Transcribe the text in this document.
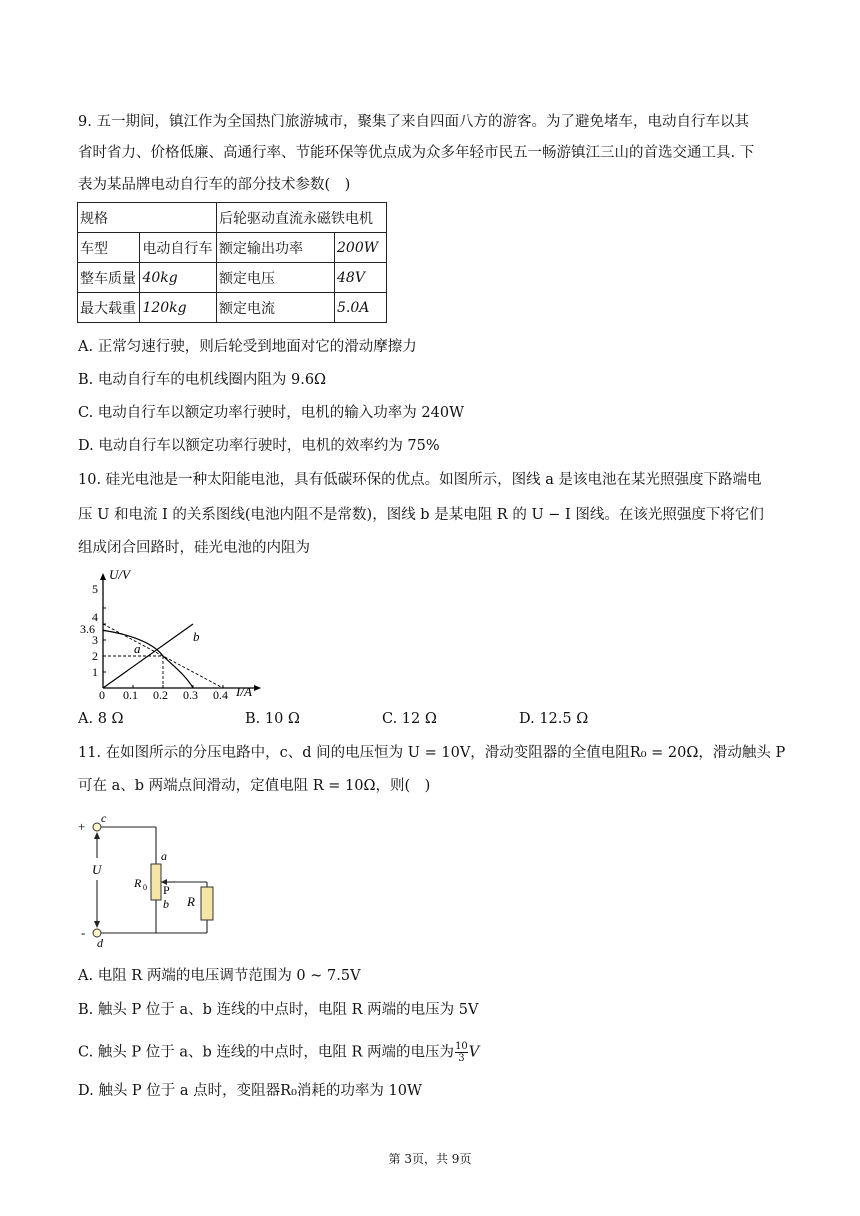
9. 五一期间，镇江作为全国热门旅游城市，聚集了来自四面八方的游客。为了避免堵车，电动自行车以其
省时省力、价格低廉、高通行率、节能环保等优点成为众多年轻市民五一畅游镇江三山的首选交通工具. 下
表为某品牌电动自行车的部分技术参数(　)
规格		后轮驱动直流永磁铁电机	
车型	电动自行车	额定输出功率	200W
整车质量	40kg	额定电压	48V
最大载重	120kg	额定电流	5.0A
A. 正常匀速行驶，则后轮受到地面对它的滑动摩擦力
B. 电动自行车的电机线圈内阻为 9.6Ω
C. 电动自行车以额定功率行驶时，电机的输入功率为 240W
D. 电动自行车以额定功率行驶时，电机的效率约为 75%
10. 硅光电池是一种太阳能电池，具有低碳环保的优点。如图所示，图线 a 是该电池在某光照强度下路端电
压 U 和电流 I 的关系图线(电池内阻不是常数)，图线 b 是某电阻 R 的 U − I 图线。在该光照强度下将它们
组成闭合回路时，硅光电池的内阻为
U/V
I/A
1
2
3
3.6
4
5
0 0.1 0.2 0.3 0.4
a
b
A. 8 Ω	B. 10 Ω	C. 12 Ω	D. 12.5 Ω
11. 在如图所示的分压电路中，c、d 间的电压恒为 U = 10V，滑动变阻器的全值电阻R₀ = 20Ω，滑动触头 P
可在 a、b 两端点间滑动，定值电阻 R = 10Ω，则(　)
+
c
-
d
U
a
b
P
R 0
R
A. 电阻 R 两端的电压调节范围为 0 ~ 7.5V
B. 触头 P 位于 a、b 连线的中点时，电阻 R 两端的电压为 5V
C. 触头 P 位于 a、b 连线的中点时，电阻 R 两端的电压为 $\frac{10}{3}$ V
D. 触头 P 位于 a 点时，变阻器R₀消耗的功率为 10W
第 3页，共 9页
